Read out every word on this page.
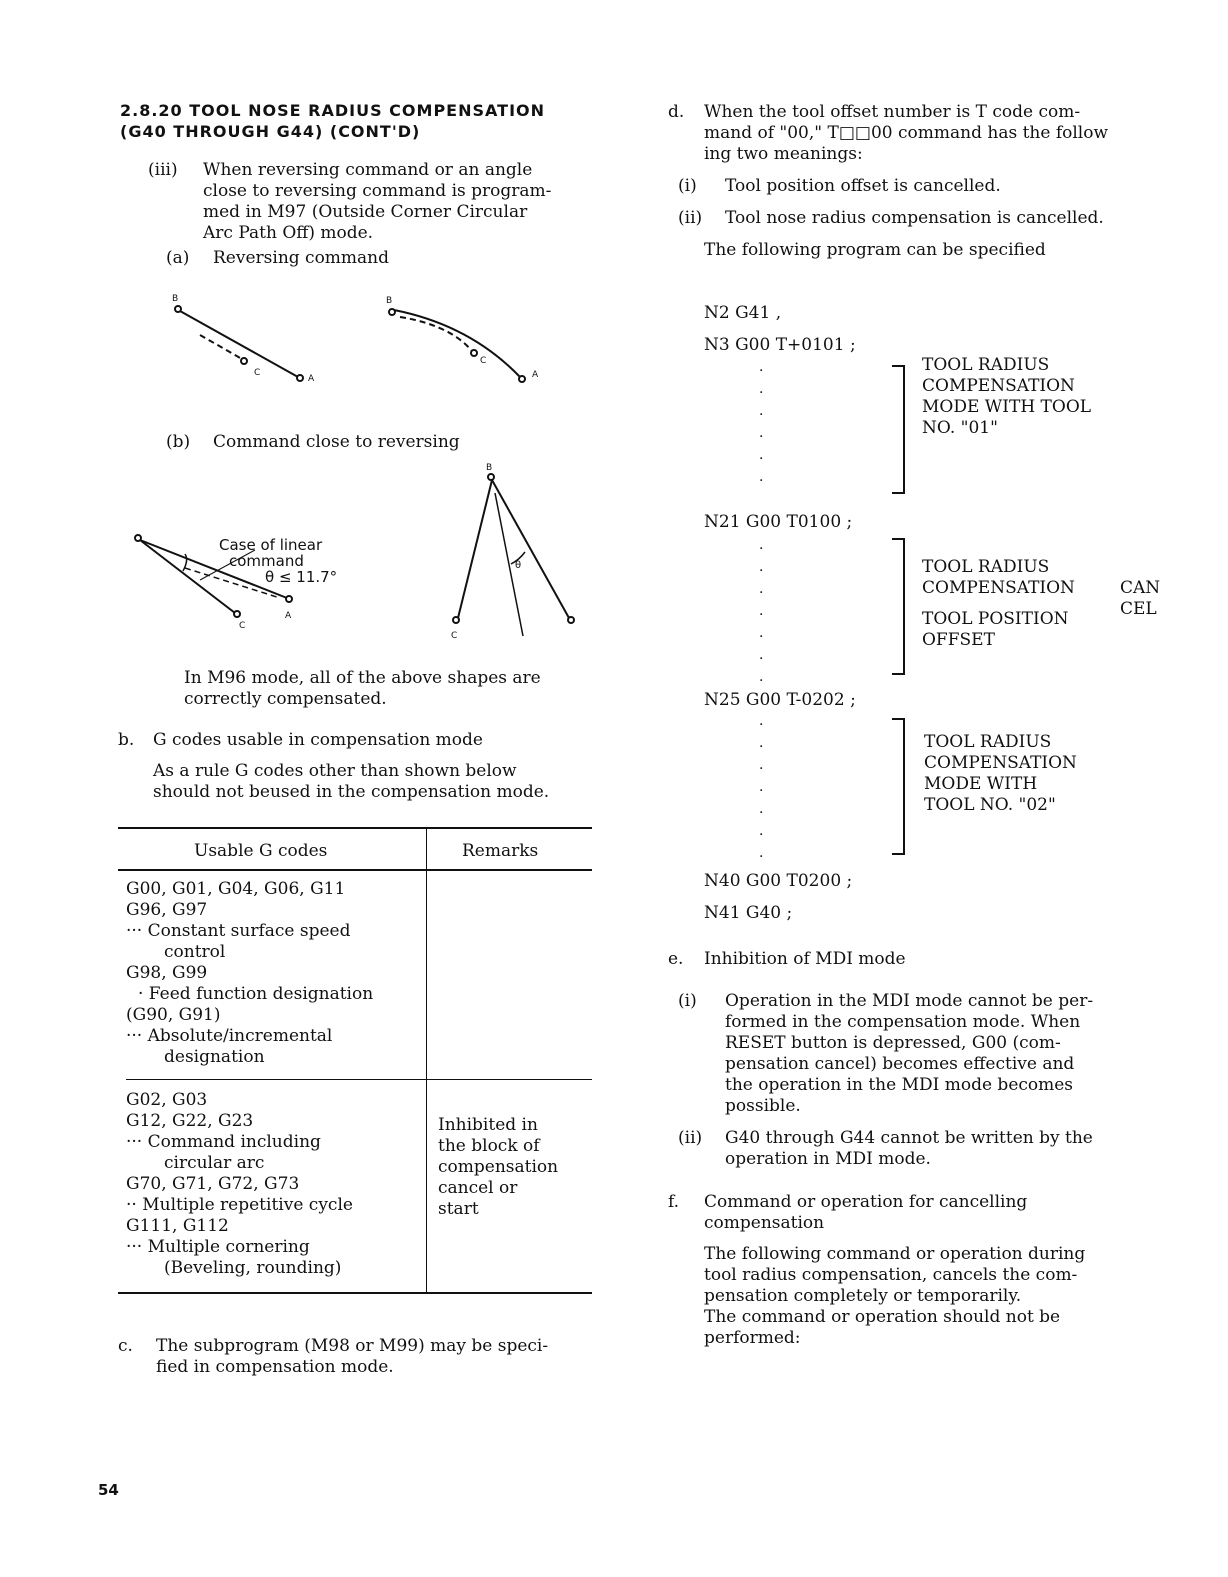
2.8.20 TOOL NOSE RADIUS COMPENSATION
(G40 THROUGH G44) (CONT'D)
(iii) When reversing command or an angle
close to reversing command is program-
med in M97 (Outside Corner Circular
Arc Path Off) mode.
(a) Reversing command
B
C
A
B
C
A
(b) Command close to reversing
Case of linear
command
θ ≤ 11.7°
B
C
A
C
θ
In M96 mode, all of the above shapes are
correctly compensated.
b. G codes usable in compensation mode
As a rule G codes other than shown below
should not beused in the compensation mode.
Usable G codes	Remarks
G00, G01, G04, G06, G11
G96, G97
··· Constant surface speed
control
G98, G99
· Feed function designation
(G90, G91)
··· Absolute/incremental
designation
G02, G03
G12, G22, G23
··· Command including
circular arc
G70, G71, G72, G73
·· Multiple repetitive cycle
G111, G112
··· Multiple cornering
(Beveling, rounding)
Inhibited in
the block of
compensation
cancel or
start
c. The subprogram (M98 or M99) may be speci-
fied in compensation mode.
54
d. When the tool offset number is T code com-
mand of "00," T□□00 command has the follow
ing two meanings:
(i) Tool position offset is cancelled.
(ii) Tool nose radius compensation is cancelled.
The following program can be specified
N2 G41 ,
N3 G00 T+0101 ;
·
·
·
·
·
·
TOOL RADIUS
COMPENSATION
MODE WITH TOOL
NO. "01"
N21 G00 T0100 ;
·
·
·
·
·
·
·
TOOL RADIUS
COMPENSATION
TOOL POSITION
OFFSET
CAN
CEL
N25 G00 T-0202 ;
·
·
·
·
·
·
·
TOOL RADIUS
COMPENSATION
MODE WITH
TOOL NO. "02"
N40 G00 T0200 ;
N41 G40 ;
e. Inhibition of MDI mode
(i) Operation in the MDI mode cannot be per-
formed in the compensation mode. When
RESET button is depressed, G00 (com-
pensation cancel) becomes effective and
the operation in the MDI mode becomes
possible.
(ii) G40 through G44 cannot be written by the
operation in MDI mode.
f. Command or operation for cancelling
compensation
The following command or operation during
tool radius compensation, cancels the com-
pensation completely or temporarily.
The command or operation should not be
performed:
